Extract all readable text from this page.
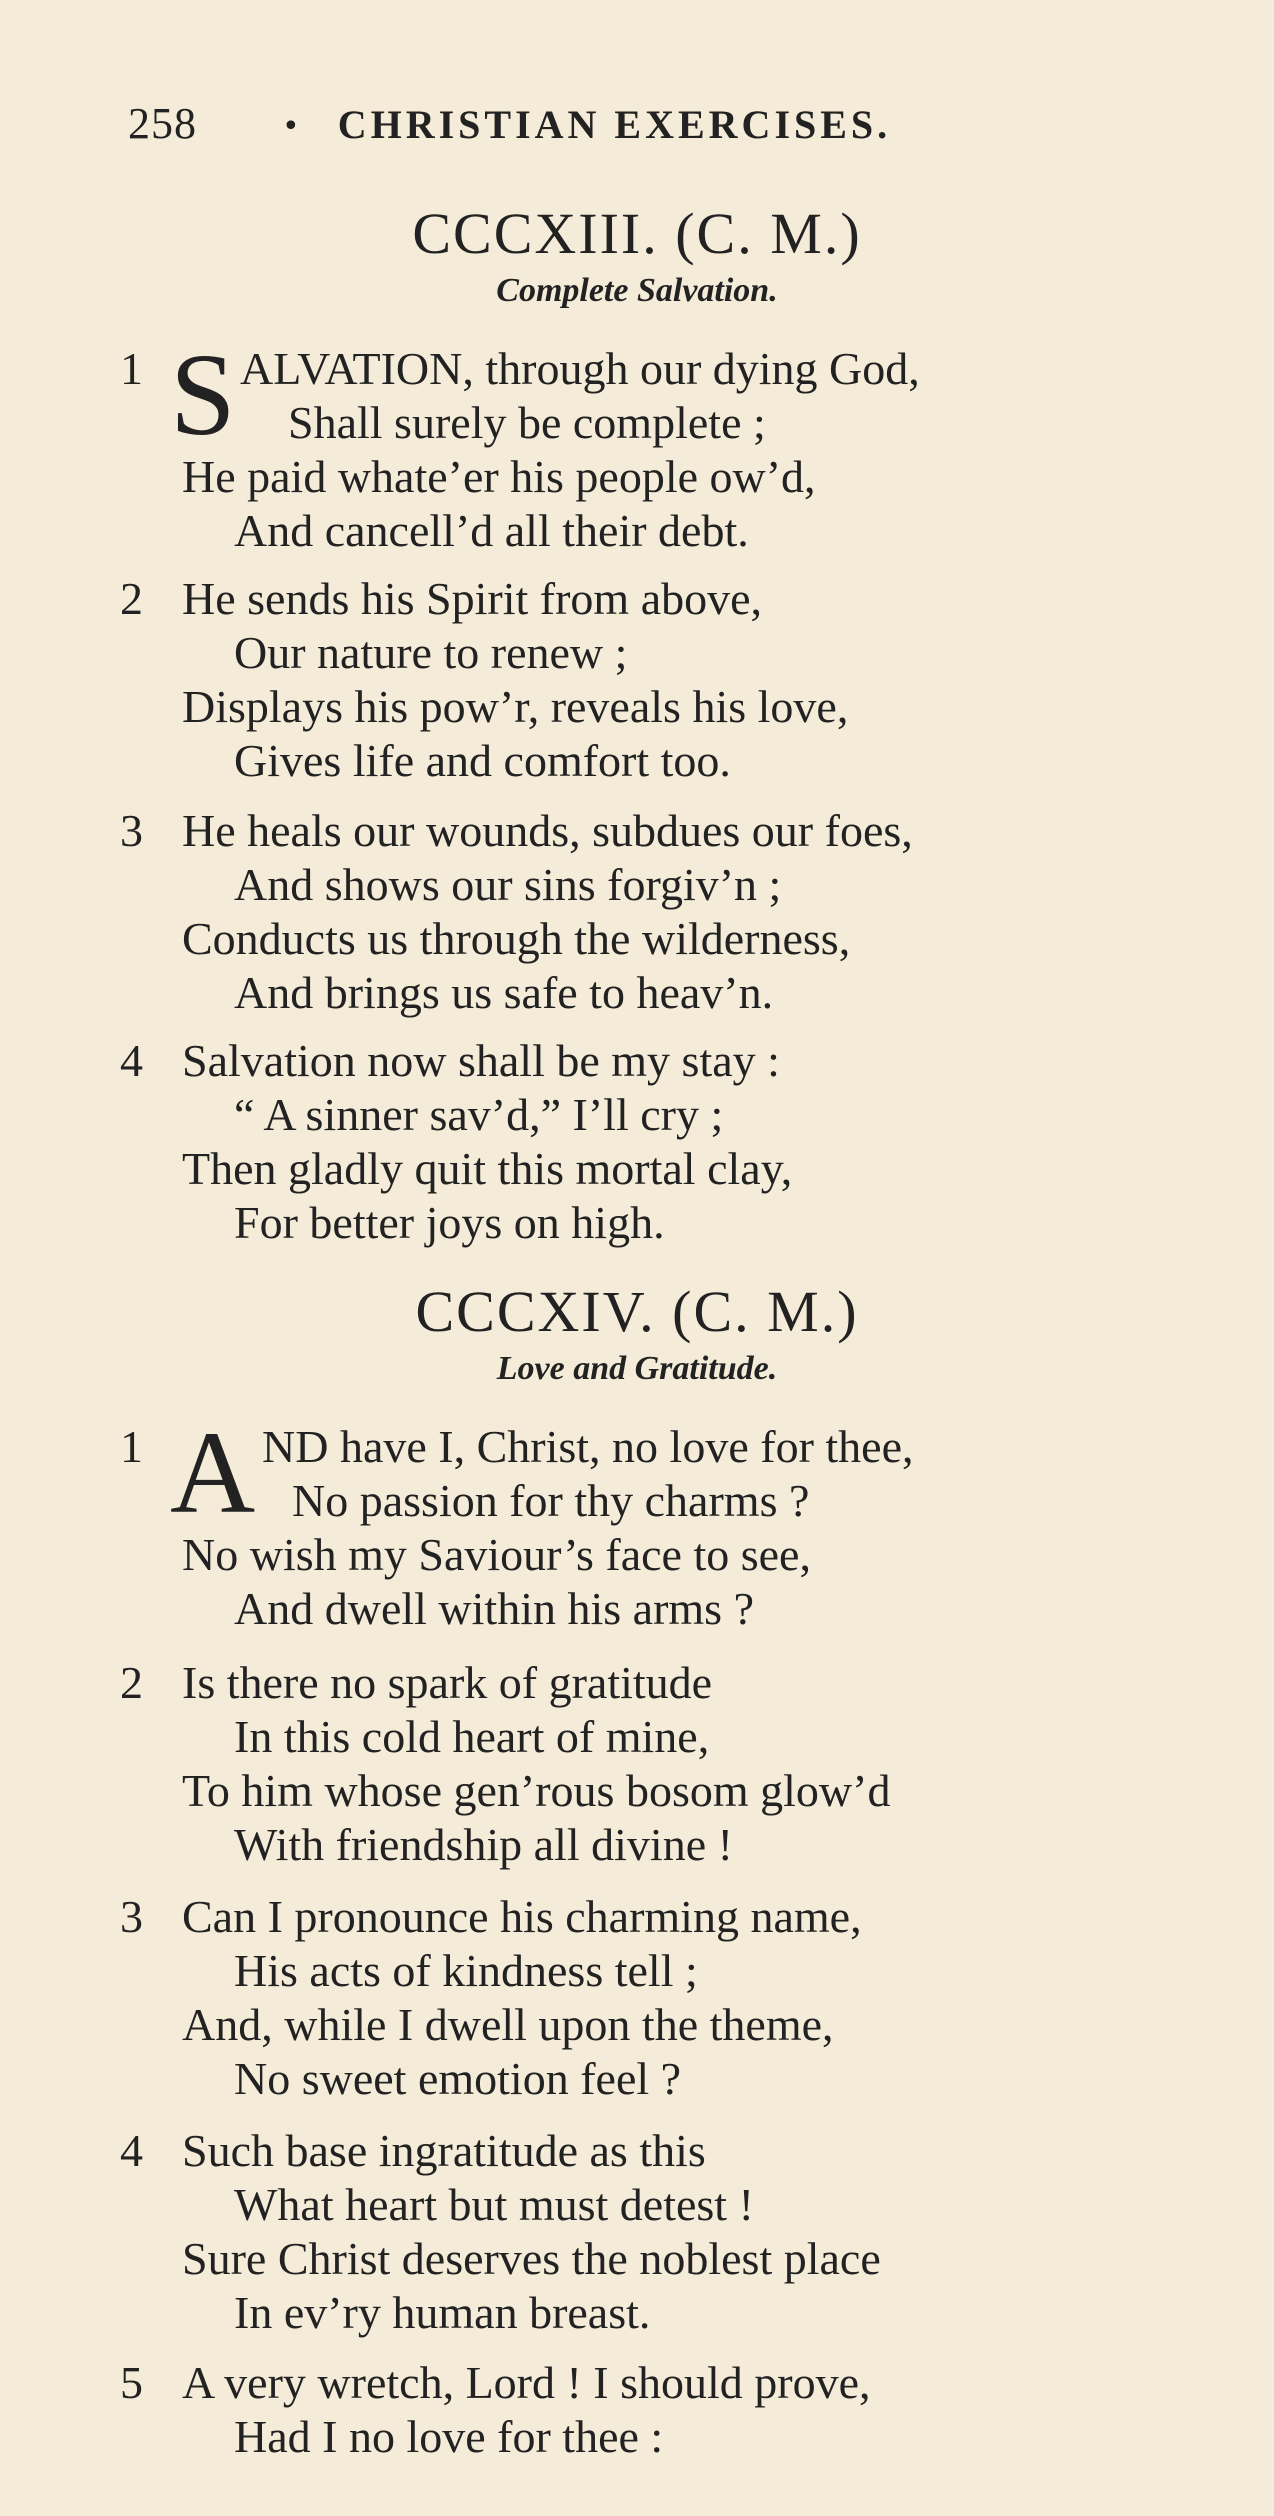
258	• CHRISTIAN EXERCISES.
CCCXIII. (C. M.)
Complete Salvation.
1 S ALVATION, through our dying God,
Shall surely be complete ;
He paid whate’er his people ow’d,
And cancell’d all their debt.
2 He sends his Spirit from above,
Our nature to renew ;
Displays his pow’r, reveals his love,
Gives life and comfort too.
3 He heals our wounds, subdues our foes,
And shows our sins forgiv’n ;
Conducts us through the wilderness,
And brings us safe to heav’n.
4 Salvation now shall be my stay :
“ A sinner sav’d,” I’ll cry ;
Then gladly quit this mortal clay,
For better joys on high.
CCCXIV. (C. M.)
Love and Gratitude.
1 A ND have I, Christ, no love for thee,
No passion for thy charms ?
No wish my Saviour’s face to see,
And dwell within his arms ?
2 Is there no spark of gratitude
In this cold heart of mine,
To him whose gen’rous bosom glow’d
With friendship all divine !
3 Can I pronounce his charming name,
His acts of kindness tell ;
And, while I dwell upon the theme,
No sweet emotion feel ?
4 Such base ingratitude as this
What heart but must detest !
Sure Christ deserves the noblest place
In ev’ry human breast.
5 A very wretch, Lord ! I should prove,
Had I no love for thee :
